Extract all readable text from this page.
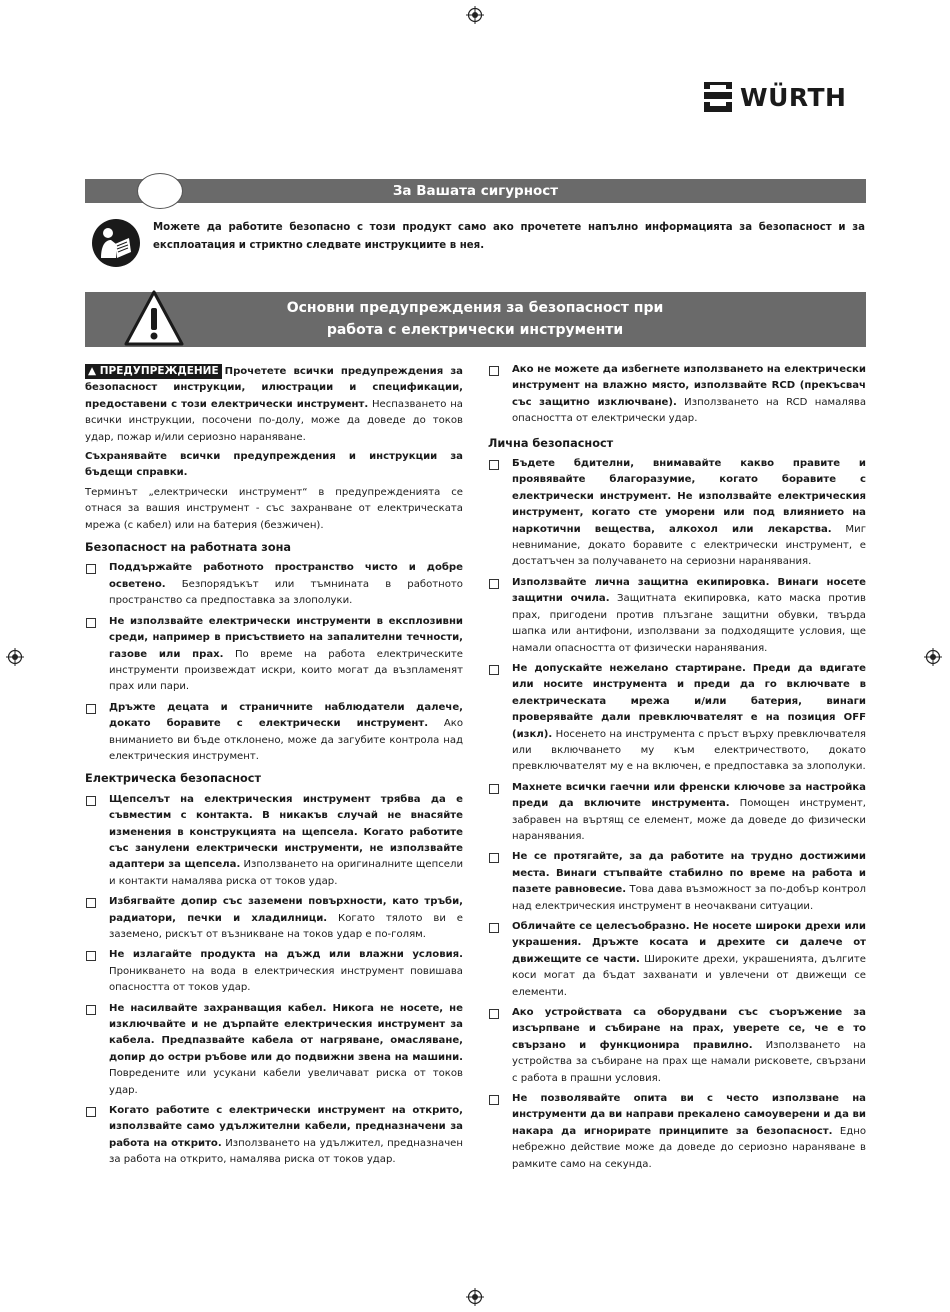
WÜRTH
За Вашата сигурност
Можете да работите безопасно с този продукт само ако прочетете напълно информацията за безопасност и за експлоатация и стриктно следвате инструкциите в нея.
Основни предупреждения за безопасност при
работа с електрически инструменти

▲ ПРЕДУПРЕЖДЕНИЕ Прочетете всички предупреждения за безопасност инструкции, илюстрации и спецификации, предоставени с този електрически инструмент. Неспазването на всички инструкции, посочени по-долу, може да доведе до токов удар, пожар и/или сериозно нараняване.

Съхранявайте всички предупреждения и инструкции за бъдещи справки.

Терминът „електрически инструмент“ в предупрежденията се отнася за вашия инструмент - със захранване от електрическата мрежа (с кабел) или на батерия (безжичен).

Безопасност на работната зона
Поддържайте работното пространство чисто и добре осветено. Безпорядъкът или тъмнината в работното пространство са предпоставка за злополуки.
Не използвайте електрически инструменти в експлозивни среди, например в присъствието на запалителни течности, газове или прах. По време на работа електрическите инструменти произвеждат искри, които могат да възпламенят прах или пари.
Дръжте децата и страничните наблюдатели далече, докато боравите с електрически инструмент. Ако вниманието ви бъде отклонено, може да загубите контрола над електрическия инструмент.
Електрическа безопасност
Щепселът на електрическия инструмент трябва да е съвместим с контакта. В никакъв случай не внасяйте изменения в конструкцията на щепсела. Когато работите със занулени електрически инструменти, не използвайте адаптери за щепсела. Използването на оригиналните щепсели и контакти намалява риска от токов удар.
Избягвайте допир със заземени повърхности, като тръби, радиатори, печки и хладилници. Когато тялото ви е заземено, рискът от възникване на токов удар е по-голям.
Не излагайте продукта на дъжд или влажни условия. Проникването на вода в електрическия инструмент повишава опасността от токов удар.
Не насилвайте захранващия кабел. Никога не носете, не изключвайте и не дърпайте електрическия инструмент за кабела. Предпазвайте кабела от нагряване, омасляване, допир до остри ръбове или до подвижни звена на машини. Повредените или усукани кабели увеличават риска от токов удар.
Когато работите с електрически инструмент на открито, използвайте само удължителни кабели, предназначени за работа на открито. Използването на удължител, предназначен за работа на открито, намалява риска от токов удар.
Ако не можете да избегнете използването на електрически инструмент на влажно място, използвайте RCD (прекъсвач със защитно изключване). Използването на RCD намалява опасността от електрически удар.
Лична безопасност
Бъдете бдителни, внимавайте какво правите и проявявайте благоразумие, когато боравите с електрически инструмент. Не използвайте електрическия инструмент, когато сте уморени или под влиянието на наркотични вещества, алкохол или лекарства. Миг невнимание, докато боравите с електрически инструмент, е достатъчен за получаването на сериозни наранявания.
Използвайте лична защитна екипировка. Винаги носете защитни очила. Защитната екипировка, като маска против прах, пригодени против плъзгане защитни обувки, твърда шапка или антифони, използвани за подходящите условия, ще намали опасността от физически наранявания.
Не допускайте нежелано стартиране. Преди да вдигате или носите инструмента и преди да го включвате в електрическата мрежа и/или батерия, винаги проверявайте дали превключвателят е на позиция OFF (изкл). Носенето на инструмента с пръст върху превключвателя или включването му към електричеството, докато превключвателят му е на включен, е предпоставка за злополуки.
Махнете всички гаечни или френски ключове за настройка преди да включите инструмента. Помощен инструмент, забравен на въртящ се елемент, може да доведе до физически наранявания.
Не се протягайте, за да работите на трудно достижими места. Винаги стъпвайте стабилно по време на работа и пазете равновесие. Това дава възможност за по-добър контрол над електрическия инструмент в неочаквани ситуации.
Обличайте се целесъобразно. Не носете широки дрехи или украшения. Дръжте косата и дрехите си далече от движещите се части. Широките дрехи, украшенията, дългите коси могат да бъдат захванати и увлечени от движещи се елементи.
Ако устройствата са оборудвани със съоръжение за изсърпване и събиране на прах, уверете се, че е то свързано и функционира правилно. Използването на устройства за събиране на прах ще намали рисковете, свързани с работа в прашни условия.
Не позволявайте опита ви с често използване на инструменти да ви направи прекалено самоуверени и да ви накара да игнорирате принципите за безопасност. Едно небрежно действие може да доведе до сериозно нараняване в рамките само на секунда.
